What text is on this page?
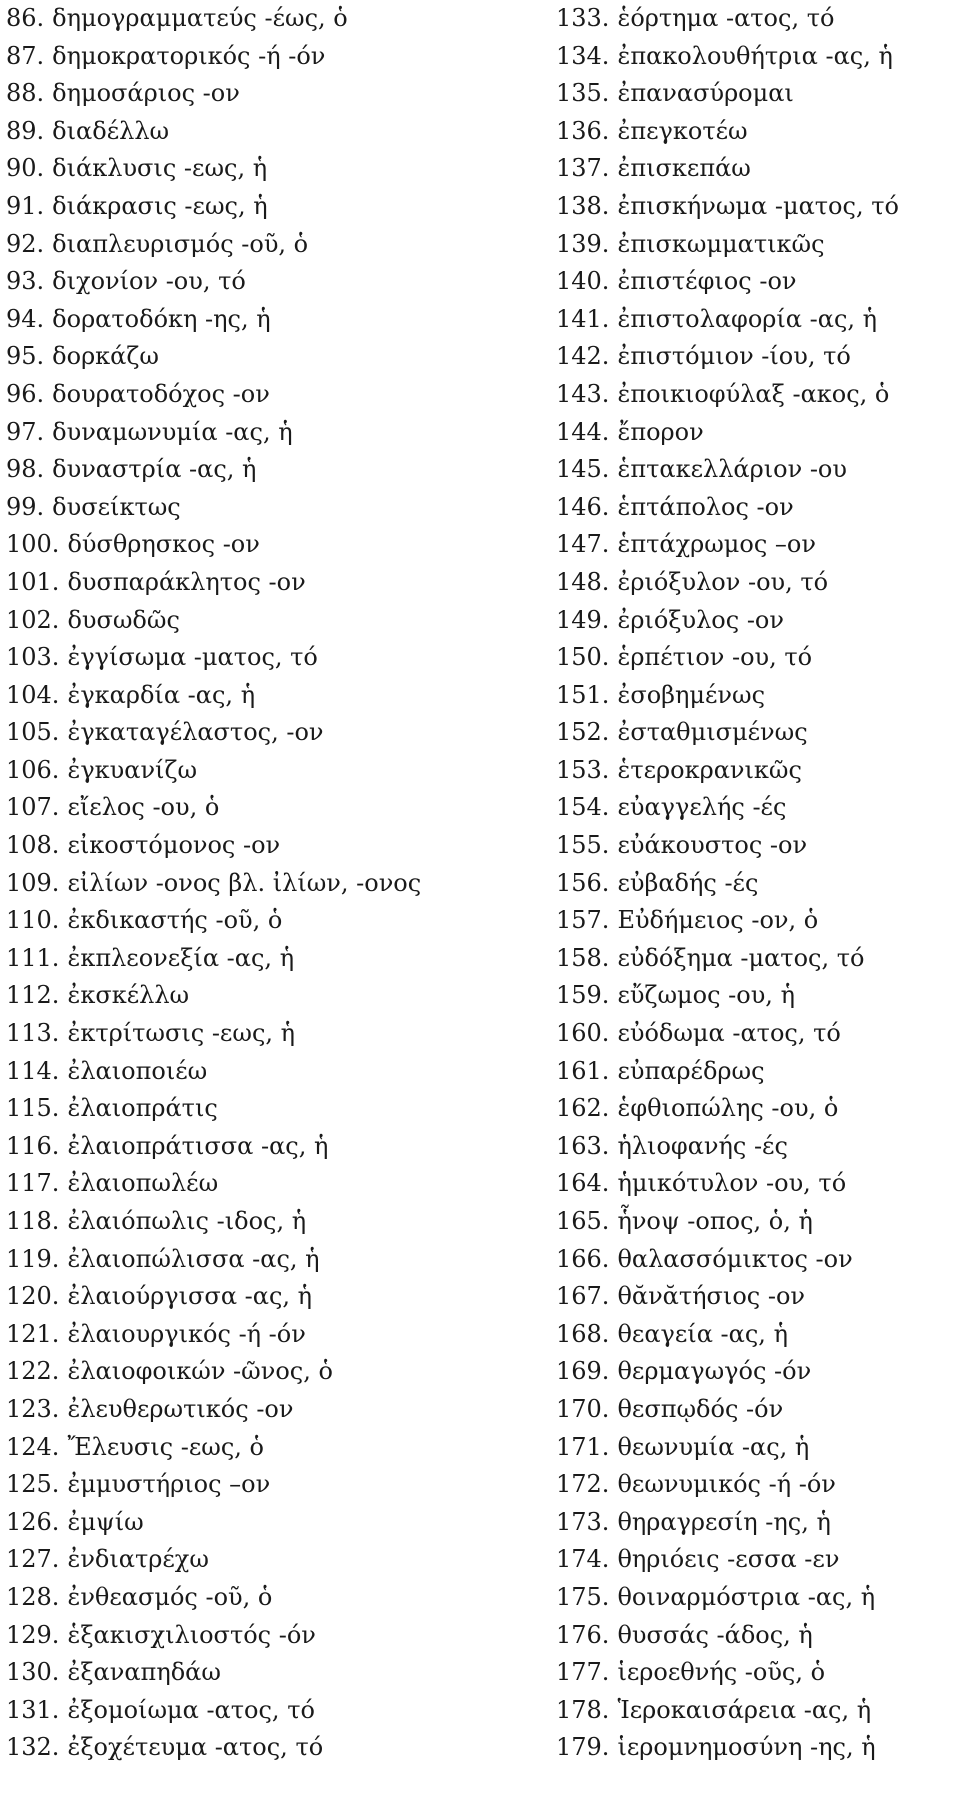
86. δημογραμματεύς -έως, ὁ
87. δημοκρατορικός -ή -όν
88. δημοσάριος -ον
89. διαδέλλω
90. διάκλυσις -εως, ἡ
91. διάκρασις -εως, ἡ
92. διαπλευρισμός -οῦ, ὁ
93. διχονίον -ου, τό
94. δορατοδόκη -ης, ἡ
95. δορκάζω
96. δουρατοδόχος -ον
97. δυναμωνυμία -ας, ἡ
98. δυναστρία -ας, ἡ
99. δυσείκτως
100. δύσθρησκος -ον
101. δυσπαράκλητος -ον
102. δυσωδῶς
103. ἐγγίσωμα -ματος, τό
104. ἐγκαρδία -ας, ἡ
105. ἐγκαταγέλαστος, -ον
106. ἐγκυανίζω
107. εἴελος -ου, ὁ
108. εἰκοστόμονος -ον
109. εἰλίων -ονος βλ. ἰλίων, -ονος
110. ἐκδικαστής -οῦ, ὁ
111. ἐκπλεονεξία -ας, ἡ
112. ἐκσκέλλω
113. ἐκτρίτωσις -εως, ἡ
114. ἐλαιοποιέω
115. ἐλαιοπράτις
116. ἐλαιοπράτισσα -ας, ἡ
117. ἐλαιοπωλέω
118. ἐλαιόπωλις -ιδος, ἡ
119. ἐλαιοπώλισσα -ας, ἡ
120. ἐλαιούργισσα -ας, ἡ
121. ἐλαιουργικός -ή -όν
122. ἐλαιοφοικών -ῶνος, ὁ
123. ἐλευθερωτικός -ον
124. Ἔλευσις -εως, ὁ
125. ἐμμυστήριος –ον
126. ἐμψίω
127. ἐνδιατρέχω
128. ἐνθεασμός -οῦ, ὁ
129. ἑξακισχιλιοστός -όν
130. ἐξαναπηδάω
131. ἐξομοίωμα -ατος, τό
132. ἐξοχέτευμα -ατος, τό
133. ἑόρτημα -ατος, τό
134. ἐπακολουθήτρια -ας, ἡ
135. ἐπανασύρομαι
136. ἐπεγκοτέω
137. ἐπισκεπάω
138. ἐπισκήνωμα -ματος, τό
139. ἐπισκωμματικῶς
140. ἐπιστέφιος -ον
141. ἐπιστολαφορία -ας, ἡ
142. ἐπιστόμιον -ίου, τό
143. ἐποικιοφύλαξ -ακος, ὁ
144. ἔπορον
145. ἑπτακελλάριον -ου
146. ἑπτάπολος -ον
147. ἑπτάχρωμος –ον
148. ἐριόξυλον -ου, τό
149. ἐριόξυλος -ον
150. ἑρπέτιον -ου, τό
151. ἐσοβημένως
152. ἐσταθμισμένως
153. ἑτεροκρανικῶς
154. εὐαγγελής -ές
155. εὐάκουστος -ον
156. εὐβαδής -ές
157. Εὐδήμειος -ον, ὁ
158. εὐδόξημα -ματος, τό
159. εὔζωμος -ου, ἡ
160. εὐόδωμα -ατος, τό
161. εὐπαρέδρως
162. ἑφθιοπώλης -ου, ὁ
163. ἡλιοφανής -ές
164. ἡμικότυλον -ου, τό
165. ἧνοψ -οπος, ὁ, ἡ
166. θαλασσόμικτος -ον
167. θᾰνᾰτήσιος -ον
168. θεαγεία -ας, ἡ
169. θερμαγωγός -όν
170. θεσπῳδός -όν
171. θεωνυμία -ας, ἡ
172. θεωνυμικός -ή -όν
173. θηραγρεσίη -ης, ἡ
174. θηριόεις -εσσα -εν
175. θοιναρμόστρια -ας, ἡ
176. θυσσάς -άδος, ἡ
177. ἱεροεθνής -οῦς, ὁ
178. Ἱεροκαισάρεια -ας, ἡ
179. ἱερομνημοσύνη -ης, ἡ
